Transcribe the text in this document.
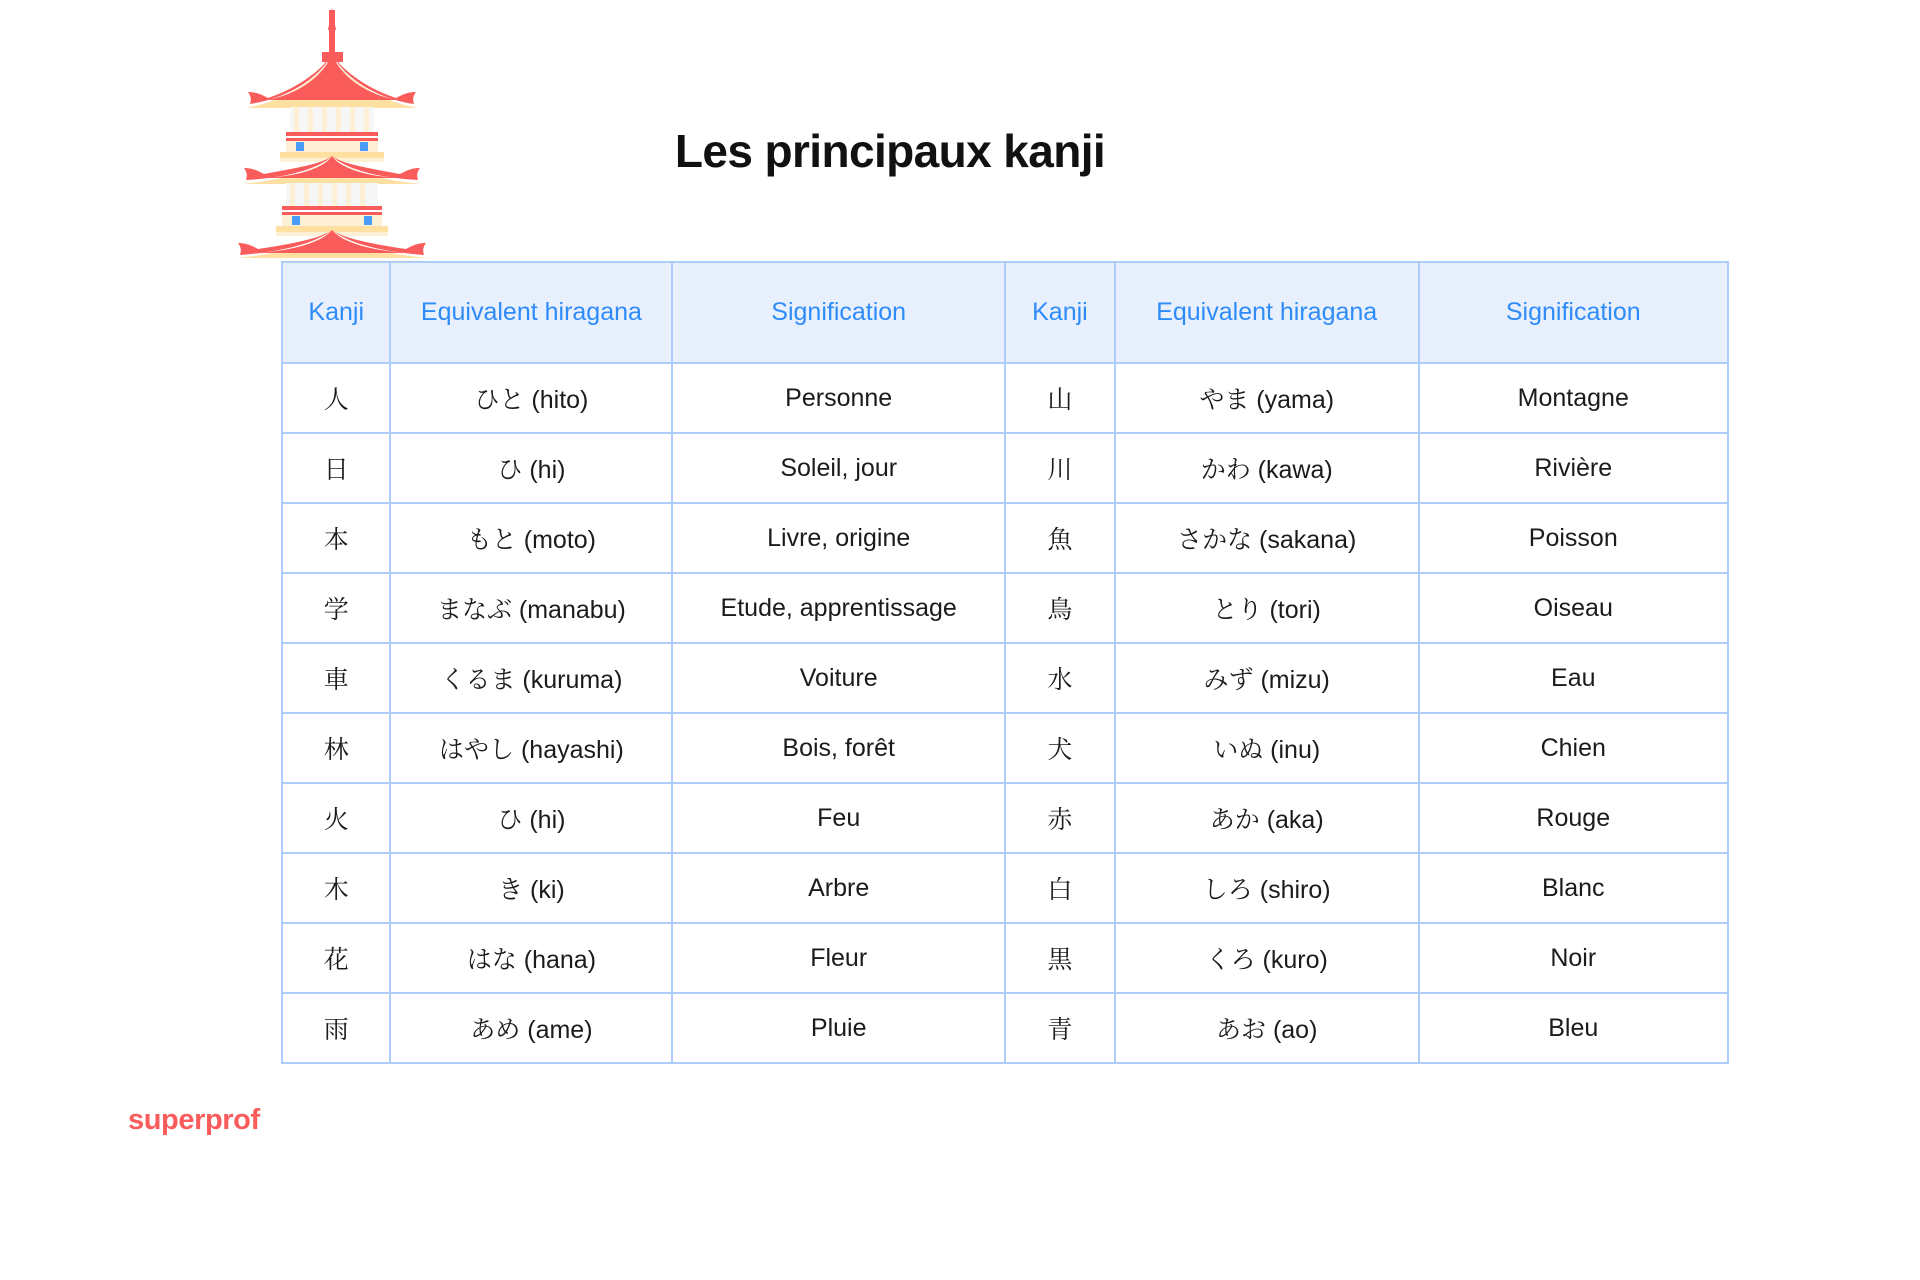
Les principaux kanji
Kanji	Equivalent hiragana	Signification	Kanji	Equivalent hiragana	Signification
人	ひと (hito)	Personne	山	やま (yama)	Montagne
日	ひ (hi)	Soleil, jour	川	かわ (kawa)	Rivière
本	もと (moto)	Livre, origine	魚	さかな (sakana)	Poisson
学	まなぶ (manabu)	Etude, apprentissage	鳥	とり (tori)	Oiseau
車	くるま (kuruma)	Voiture	水	みず (mizu)	Eau
林	はやし (hayashi)	Bois, forêt	犬	いぬ (inu)	Chien
火	ひ (hi)	Feu	赤	あか (aka)	Rouge
木	き (ki)	Arbre	白	しろ (shiro)	Blanc
花	はな (hana)	Fleur	黒	くろ (kuro)	Noir
雨	あめ (ame)	Pluie	青	あお (ao)	Bleu
superprof
